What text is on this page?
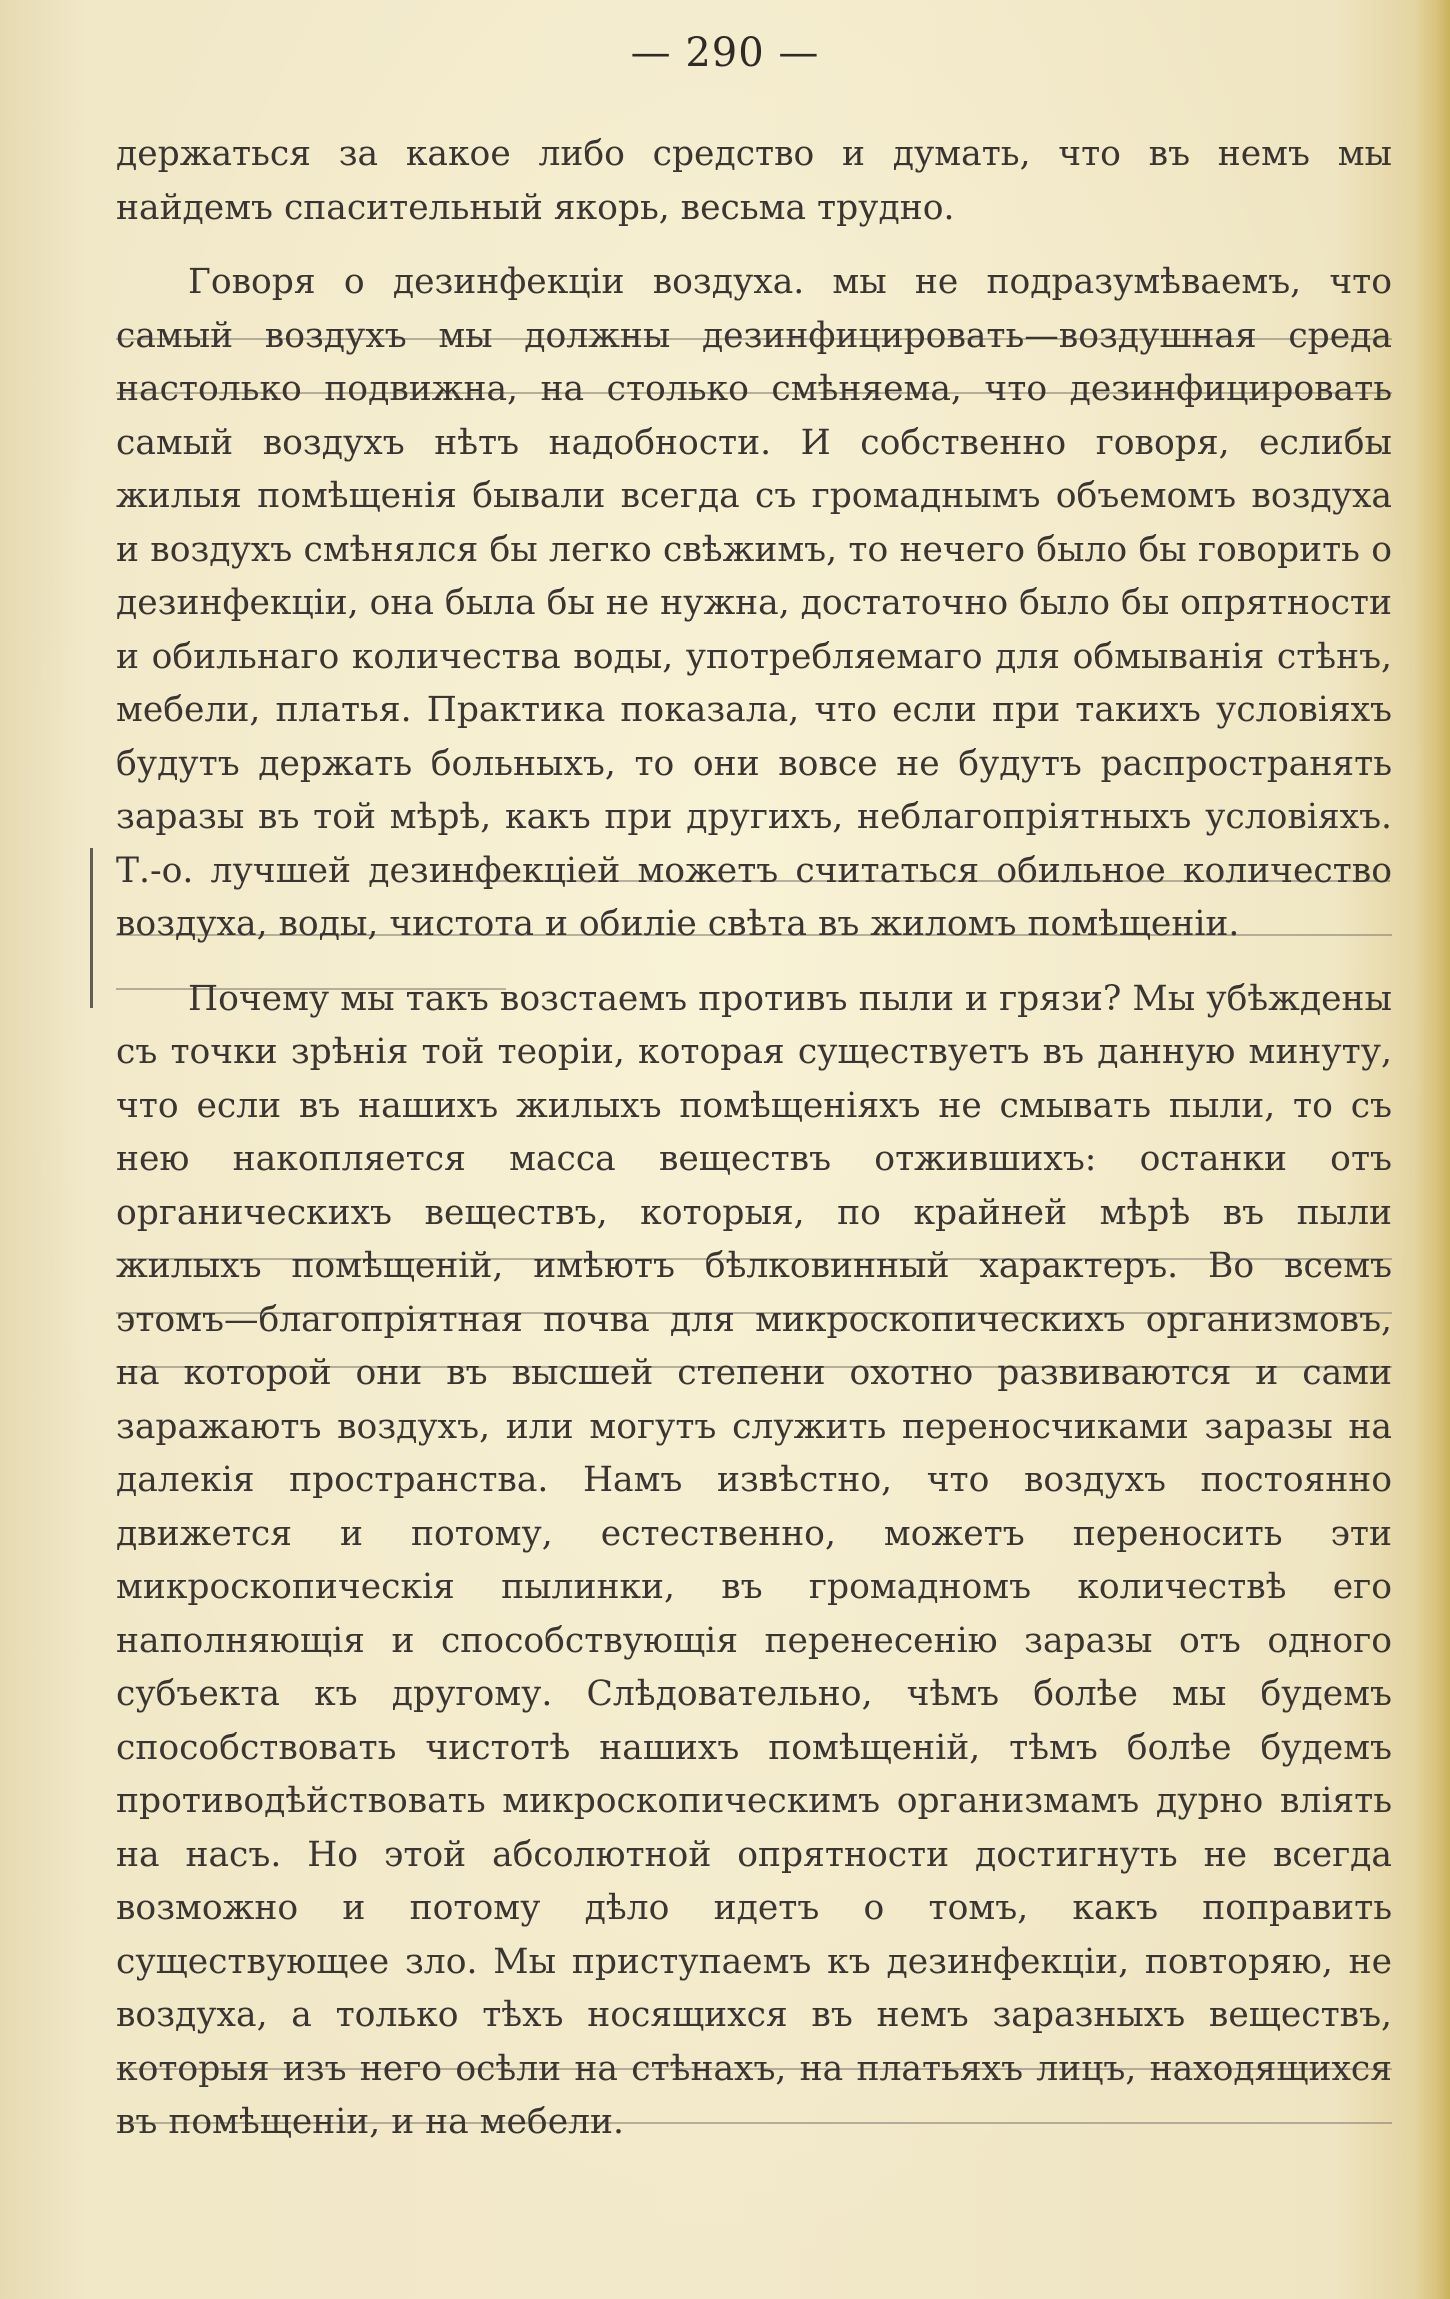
— 290 —

держаться за какое либо средство и думать, что въ немъ мы найдемъ спасительный якорь, весьма трудно.

Говоря о дезинфекціи воздуха. мы не подразумѣваемъ, что самый воздухъ мы должны дезинфицировать—воздушная среда настолько подвижна, на столько смѣняема, что дезинфицировать самый воздухъ нѣтъ надобности. И собственно говоря, еслибы жилыя помѣщенія бывали всегда съ громаднымъ объемомъ воздуха и воздухъ смѣнялся бы легко свѣжимъ, то нечего было бы говорить о дезинфекціи, она была бы не нужна, достаточно было бы опрятности и обильнаго количества воды, употребляемаго для обмыванія стѣнъ, мебели, платья. Практика показала, что если при такихъ условіяхъ будутъ держать больныхъ, то они вовсе не будутъ распространять заразы въ той мѣрѣ, какъ при другихъ, неблагопріятныхъ условіяхъ. Т.-о. лучшей дезинфекціей можетъ считаться обильное количество воздуха, воды, чистота и обиліе свѣта въ жиломъ помѣщеніи.

Почему мы такъ возстаемъ противъ пыли и грязи? Мы убѣждены съ точки зрѣнія той теоріи, которая существуетъ въ данную минуту, что если въ нашихъ жилыхъ помѣщеніяхъ не смывать пыли, то съ нею накопляется масса веществъ отжившихъ: останки отъ органическихъ веществъ, которыя, по крайней мѣрѣ въ пыли жилыхъ помѣщеній, имѣютъ бѣлковинный характеръ. Во всемъ этомъ—благопріятная почва для микроскопическихъ организмовъ, на которой они въ высшей степени охотно развиваются и сами заражаютъ воздухъ, или могутъ служить переносчиками заразы на далекія пространства. Намъ извѣстно, что воздухъ постоянно движется и потому, естественно, можетъ переносить эти микроскопическія пылинки, въ громадномъ количествѣ его наполняющія и способствующія перенесенію заразы отъ одного субъекта къ другому. Слѣдовательно, чѣмъ болѣе мы будемъ способствовать чистотѣ нашихъ помѣщеній, тѣмъ болѣе будемъ противодѣйствовать микроскопическимъ организмамъ дурно вліять на насъ. Но этой абсолютной опрятности достигнуть не всегда возможно и потому дѣло идетъ о томъ, какъ поправить существующее зло. Мы приступаемъ къ дезинфекціи, повторяю, не воздуха, а только тѣхъ носящихся въ немъ заразныхъ веществъ, которыя изъ него осѣли на стѣнахъ, на платьяхъ лицъ, находящихся въ помѣщеніи, и на мебели.
